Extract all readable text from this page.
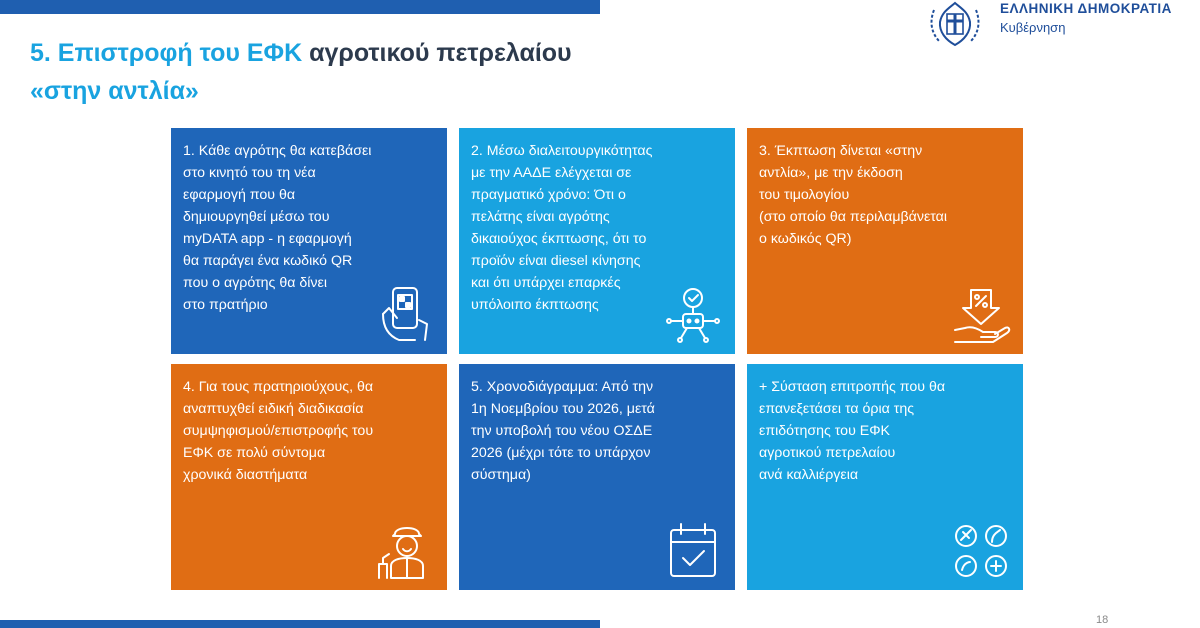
5. Επιστροφή του ΕΦΚ αγροτικού πετρελαίου
«στην αντλία»
ΕΛΛΗΝΙΚΗ ΔΗΜΟΚΡΑΤΙΑ
Κυβέρνηση

1. Κάθε αγρότης θα κατεβάσει
στο κινητό του τη νέα
εφαρμογή που θα
δημιουργηθεί μέσω του
myDATA app - η εφαρμογή
θα παράγει ένα κωδικό QR
που ο αγρότης θα δίνει
στο πρατήριο

2. Μέσω διαλειτουργικότητας
με την ΑΑΔΕ ελέγχεται σε
πραγματικό χρόνο: Ότι ο
πελάτης είναι αγρότης
δικαιούχος έκπτωσης, ότι το
προϊόν είναι diesel κίνησης
και ότι υπάρχει επαρκές
υπόλοιπο έκπτωσης

3. Έκπτωση δίνεται «στην
αντλία», με την έκδοση
του τιμολογίου
(στο οποίο θα περιλαμβάνεται
ο κωδικός QR)

4. Για τους πρατηριούχους, θα
αναπτυχθεί ειδική διαδικασία
συμψηφισμού/επιστροφής του
ΕΦΚ σε πολύ σύντομα
χρονικά διαστήματα

5. Χρονοδιάγραμμα: Από την
1η Νοεμβρίου του 2026, μετά
την υποβολή του νέου ΟΣΔΕ
2026 (μέχρι τότε το υπάρχον
σύστημα)

+ Σύσταση επιτροπής που θα
επανεξετάσει τα όρια της
επιδότησης του ΕΦΚ
αγροτικού πετρελαίου
ανά καλλιέργεια

18
